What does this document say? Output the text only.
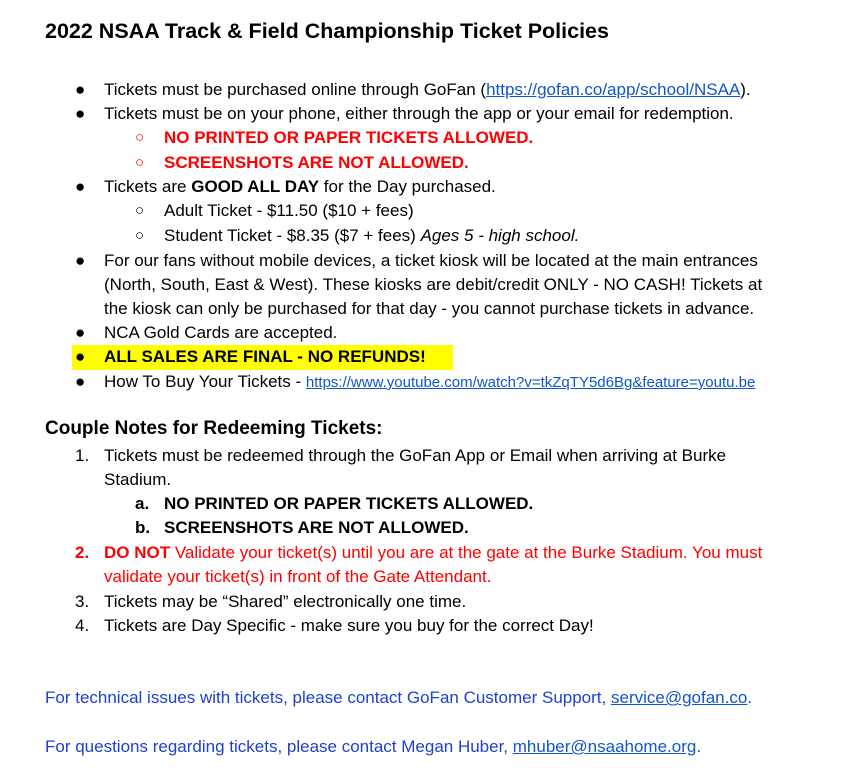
2022 NSAA Track & Field Championship Ticket Policies
● Tickets must be purchased online through GoFan (https://gofan.co/app/school/NSAA).
● Tickets must be on your phone, either through the app or your email for redemption.
○ NO PRINTED OR PAPER TICKETS ALLOWED.
○ SCREENSHOTS ARE NOT ALLOWED.
● Tickets are GOOD ALL DAY for the Day purchased.
○ Adult Ticket - $11.50 ($10 + fees)
○ Student Ticket - $8.35 ($7 + fees) Ages 5 - high school.
● For our fans without mobile devices, a ticket kiosk will be located at the main entrances
(North, South, East & West). These kiosks are debit/credit ONLY - NO CASH! Tickets at
the kiosk can only be purchased for that day - you cannot purchase tickets in advance.
● NCA Gold Cards are accepted.
● ALL SALES ARE FINAL - NO REFUNDS!
● How To Buy Your Tickets - https://www.youtube.com/watch?v=tkZqTY5d6Bg&feature=youtu.be
Couple Notes for Redeeming Tickets:
1. Tickets must be redeemed through the GoFan App or Email when arriving at Burke
Stadium.
a. NO PRINTED OR PAPER TICKETS ALLOWED.
b. SCREENSHOTS ARE NOT ALLOWED.
2. DO NOT Validate your ticket(s) until you are at the gate at the Burke Stadium. You must
validate your ticket(s) in front of the Gate Attendant.
3. Tickets may be “Shared” electronically one time.
4. Tickets are Day Specific - make sure you buy for the correct Day!
For technical issues with tickets, please contact GoFan Customer Support, service@gofan.co.
For questions regarding tickets, please contact Megan Huber, mhuber@nsaahome.org.
